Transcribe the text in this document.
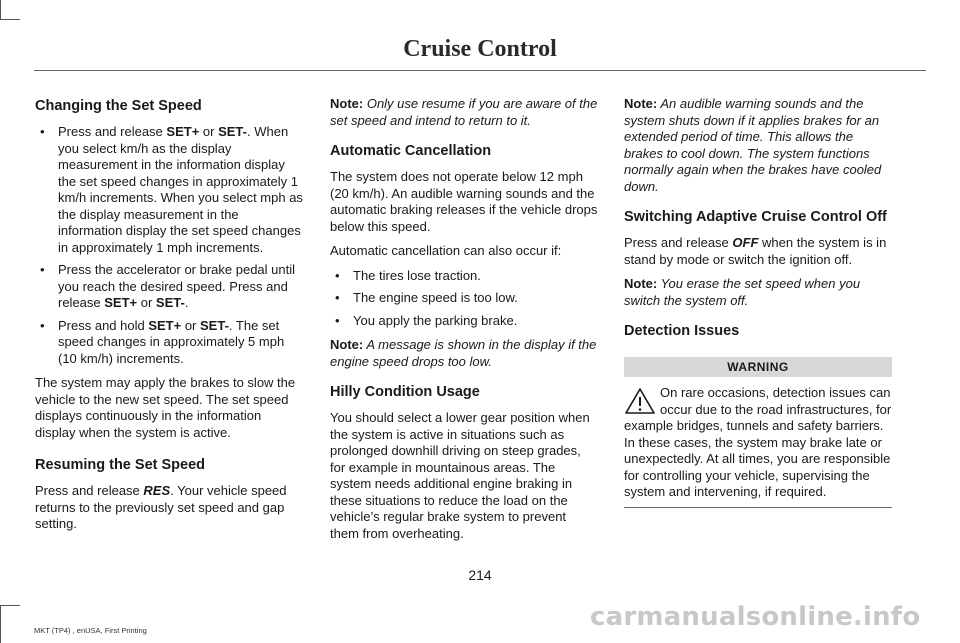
Cruise Control
Changing the Set Speed
• Press and release SET+ or SET-. When you select km/h as the display measurement in the information display the set speed changes in approximately 1 km/h increments. When you select mph as the display measurement in the information display the set speed changes in approximately 1 mph increments.
• Press the accelerator or brake pedal until you reach the desired speed. Press and release SET+ or SET-.
• Press and hold SET+ or SET-. The set speed changes in approximately 5 mph (10 km/h) increments.

The system may apply the brakes to slow the vehicle to the new set speed. The set speed displays continuously in the information display when the system is active.

Resuming the Set Speed

Press and release RES. Your vehicle speed returns to the previously set speed and gap setting.

Note: Only use resume if you are aware of the set speed and intend to return to it.

Automatic Cancellation

The system does not operate below 12 mph (20 km/h). An audible warning sounds and the automatic braking releases if the vehicle drops below this speed.

Automatic cancellation can also occur if:

• The tires lose traction.
• The engine speed is too low.
• You apply the parking brake.

Note: A message is shown in the display if the engine speed drops too low.

Hilly Condition Usage

You should select a lower gear position when the system is active in situations such as prolonged downhill driving on steep grades, for example in mountainous areas. The system needs additional engine braking in these situations to reduce the load on the vehicle’s regular brake system to prevent them from overheating.

Note: An audible warning sounds and the system shuts down if it applies brakes for an extended period of time. This allows the brakes to cool down. The system functions normally again when the brakes have cooled down.

Switching Adaptive Cruise Control Off

Press and release OFF when the system is in stand by mode or switch the ignition off.

Note: You erase the set speed when you switch the system off.

Detection Issues
WARNING
On rare occasions, detection issues can occur due to the road infrastructures, for example bridges, tunnels and safety barriers. In these cases, the system may brake late or unexpectedly. At all times, you are responsible for controlling your vehicle, supervising the system and intervening, if required.
214
MKT (TP4) , enUSA, First Printing	carmanualsonline.info
